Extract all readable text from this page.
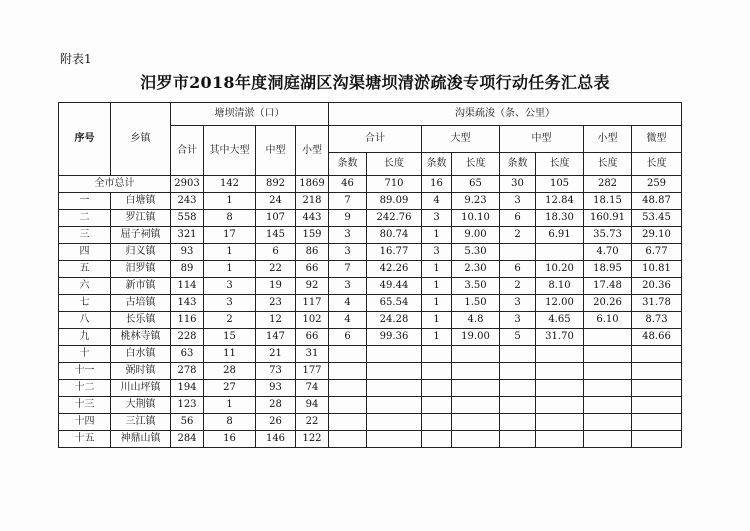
附表1
汨罗市2018年度洞庭湖区沟渠塘坝清淤疏浚专项行动任务汇总表
序号	乡镇	塘坝清淤（口）				沟渠疏浚（条、公里）							
		合计	其中大型	中型	小型	合计		大型		中型		小型	微型
						条数	长度	条数	长度	条数	长度	长度	长度
全市总计		2903	142	892	1869	46	710	16	65	30	105	282	259
一	白塘镇	243	1	24	218	7	89.09	4	9.23	3	12.84	18.15	48.87
二	罗江镇	558	8	107	443	9	242.76	3	10.10	6	18.30	160.91	53.45
三	屈子祠镇	321	17	145	159	3	80.74	1	9.00	2	6.91	35.73	29.10
四	归义镇	93	1	6	86	3	16.77	3	5.30			4.70	6.77
五	汨罗镇	89	1	22	66	7	42.26	1	2.30	6	10.20	18.95	10.81
六	新市镇	114	3	19	92	3	49.44	1	3.50	2	8.10	17.48	20.36
七	古培镇	143	3	23	117	4	65.54	1	1.50	3	12.00	20.26	31.78
八	长乐镇	116	2	12	102	4	24.28	1	4.8	3	4.65	6.10	8.73
九	桃林寺镇	228	15	147	66	6	99.36	1	19.00	5	31.70		48.66
十	白水镇	63	11	21	31								
十一	弼时镇	278	28	73	177								
十二	川山坪镇	194	27	93	74								
十三	大荆镇	123	1	28	94								
十四	三江镇	56	8	26	22								
十五	神鼎山镇	284	16	146	122								
